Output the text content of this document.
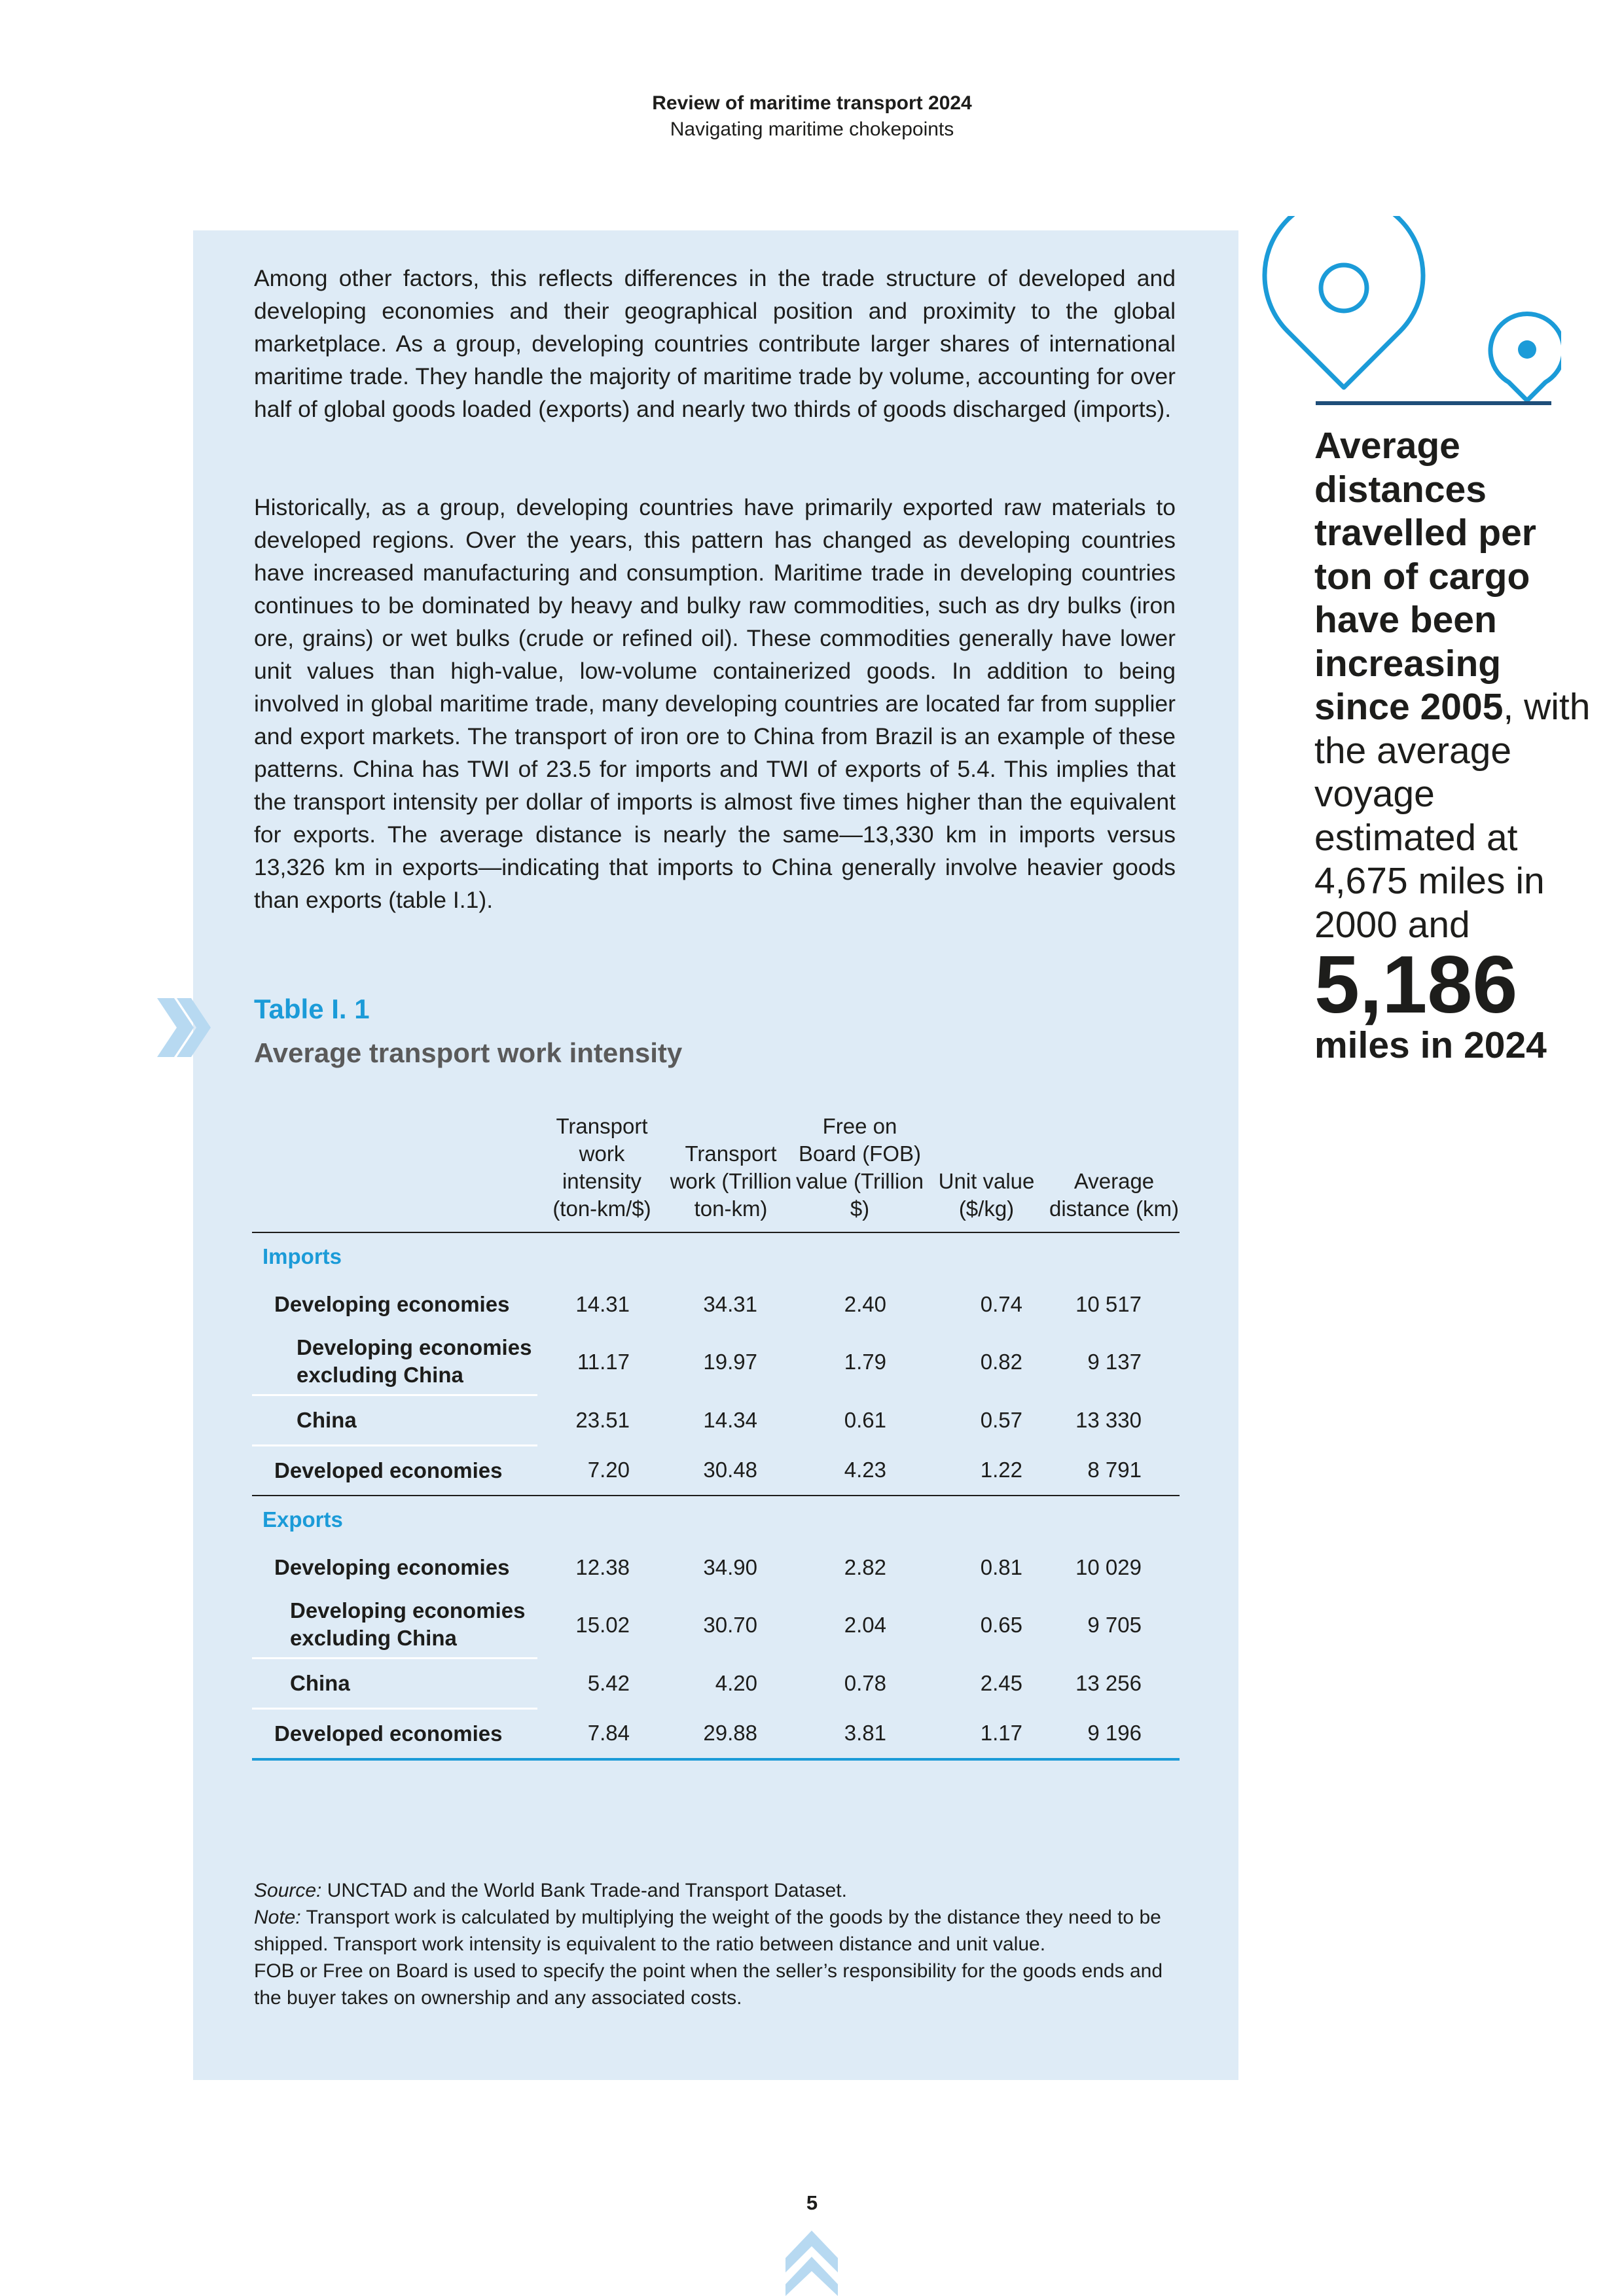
Review of maritime transport 2024
Navigating maritime chokepoints

Among other factors, this reflects differences in the trade structure of developed and developing economies and their geographical position and proximity to the global marketplace. As a group, developing countries contribute larger shares of international maritime trade. They handle the majority of maritime trade by volume, accounting for over half of global goods loaded (exports) and nearly two thirds of goods discharged (imports).

Historically, as a group, developing countries have primarily exported raw materials to developed regions. Over the years, this pattern has changed as developing countries have increased manufacturing and consumption. Maritime trade in developing countries continues to be dominated by heavy and bulky raw commodities, such as dry bulks (iron ore, grains) or wet bulks (crude or refined oil). These commodities generally have lower unit values than high-value, low-volume containerized goods. In addition to being involved in global maritime trade, many developing countries are located far from supplier and export markets. The transport of iron ore to China from Brazil is an example of these patterns. China has TWI of 23.5 for imports and TWI of exports of 5.4. This implies that the transport intensity per dollar of imports is almost five times higher than the equivalent for exports. The average distance is nearly the same—13,330 km in imports versus 13,326 km in exports—indicating that imports to China generally involve heavier goods than exports (table I.1).

Table I. 1
Average transport work intensity
	Transport work intensity (ton-km/$)	Transport work (Trillion ton-km)	Free on Board (FOB) value (Trillion $)	Unit value ($/kg)	Average distance (km)
Imports					
Developing economies	14.31	34.31	2.40	0.74	10 517
Developing economies excluding China	11.17	19.97	1.79	0.82	9 137
China	23.51	14.34	0.61	0.57	13 330
Developed economies	7.20	30.48	4.23	1.22	8 791
Exports					
Developing economies	12.38	34.90	2.82	0.81	10 029
Developing economies excluding China	15.02	30.70	2.04	0.65	9 705
China	5.42	4.20	0.78	2.45	13 256
Developed economies	7.84	29.88	3.81	1.17	9 196

Source: UNCTAD and the World Bank Trade-and Transport Dataset.

Note: Transport work is calculated by multiplying the weight of the goods by the distance they need to be shipped. Transport work intensity is equivalent to the ratio between distance and unit value.

FOB or Free on Board is used to specify the point when the seller’s responsibility for the goods ends and the buyer takes on ownership and any associated costs.

Average distances travelled per ton of cargo have been increasing since 2005, with the average voyage estimated at 4,675 miles in 2000 and
5,186
miles in 2024
5
